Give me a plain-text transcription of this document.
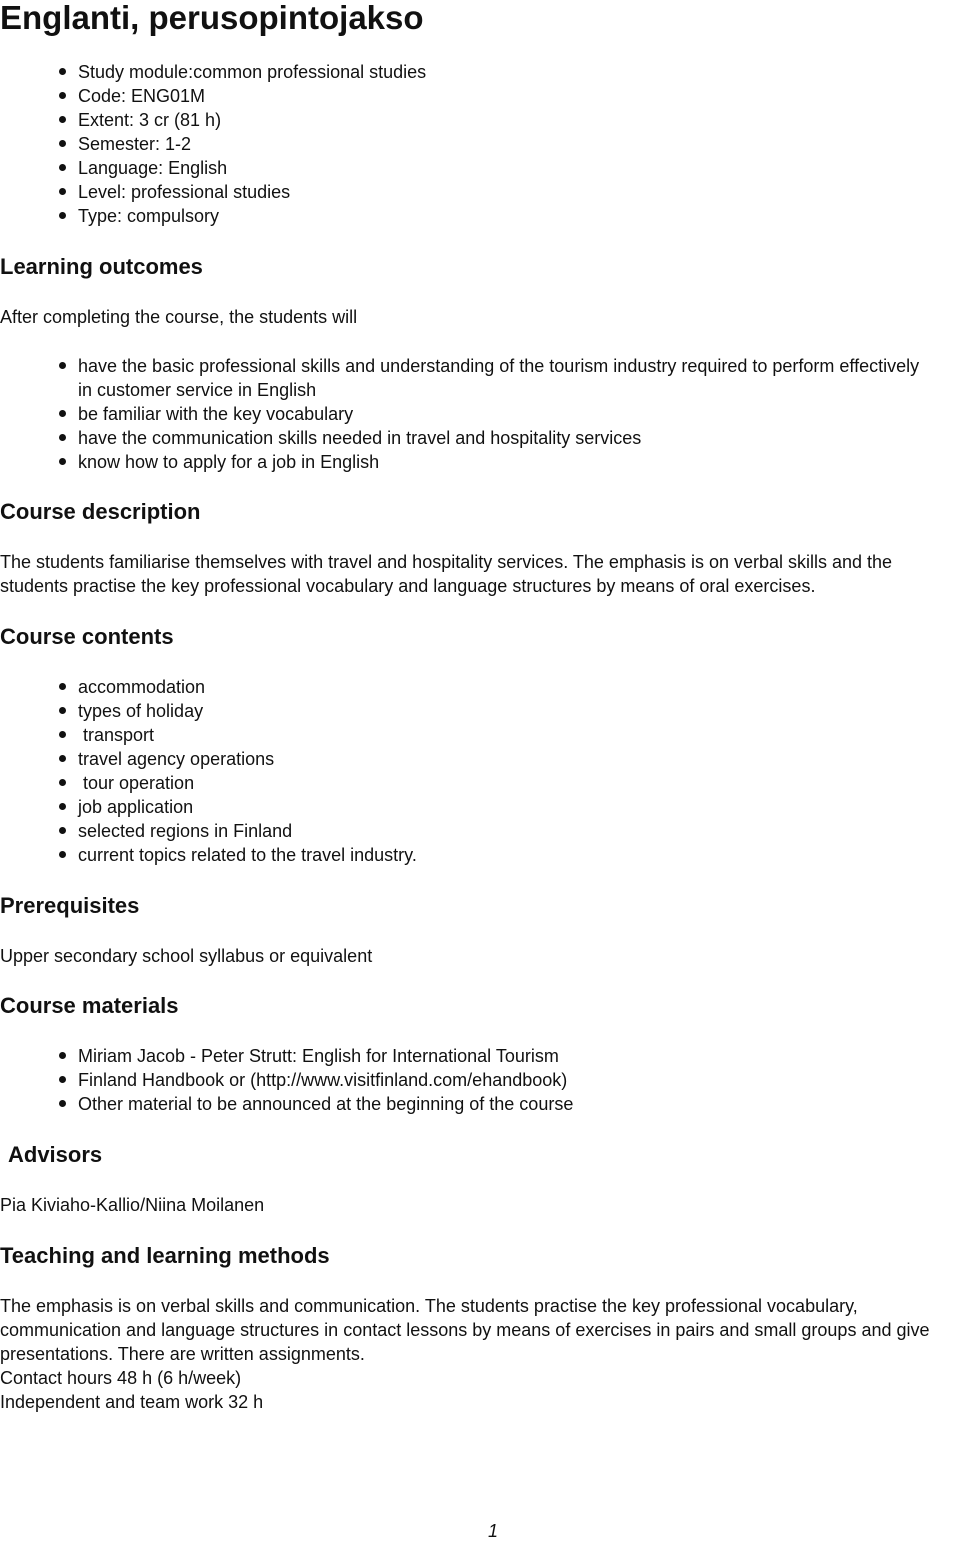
Englanti, perusopintojakso
Study module:common professional studies
Code: ENG01M
Extent: 3 cr (81 h)
Semester: 1-2
Language: English
Level: professional studies
Type: compulsory
Learning outcomes

After completing the course, the students will

have the basic professional skills and understanding of the tourism industry required to perform effectively in customer service in English
be familiar with the key vocabulary
have the communication skills needed in travel and hospitality services
know how to apply for a job in English
Course description

The students familiarise themselves with travel and hospitality services. The emphasis is on verbal skills and the students practise the key professional vocabulary and language structures by means of oral exercises.

Course contents
accommodation
types of holiday
transport
travel agency operations
tour operation
job application
selected regions in Finland
current topics related to the travel industry.
Prerequisites

Upper secondary school syllabus or equivalent

Course materials
Miriam Jacob - Peter Strutt: English for International Tourism
Finland Handbook or (http://www.visitfinland.com/ehandbook)
Other material to be announced at the beginning of the course
Advisors

Pia Kiviaho-Kallio/Niina Moilanen

Teaching and learning methods

The emphasis is on verbal skills and communication. The students practise the key professional vocabulary, communication and language structures in contact lessons by means of exercises in pairs and small groups and give presentations. There are written assignments.

Contact hours 48 h (6 h/week)

Independent and team work 32 h

1
